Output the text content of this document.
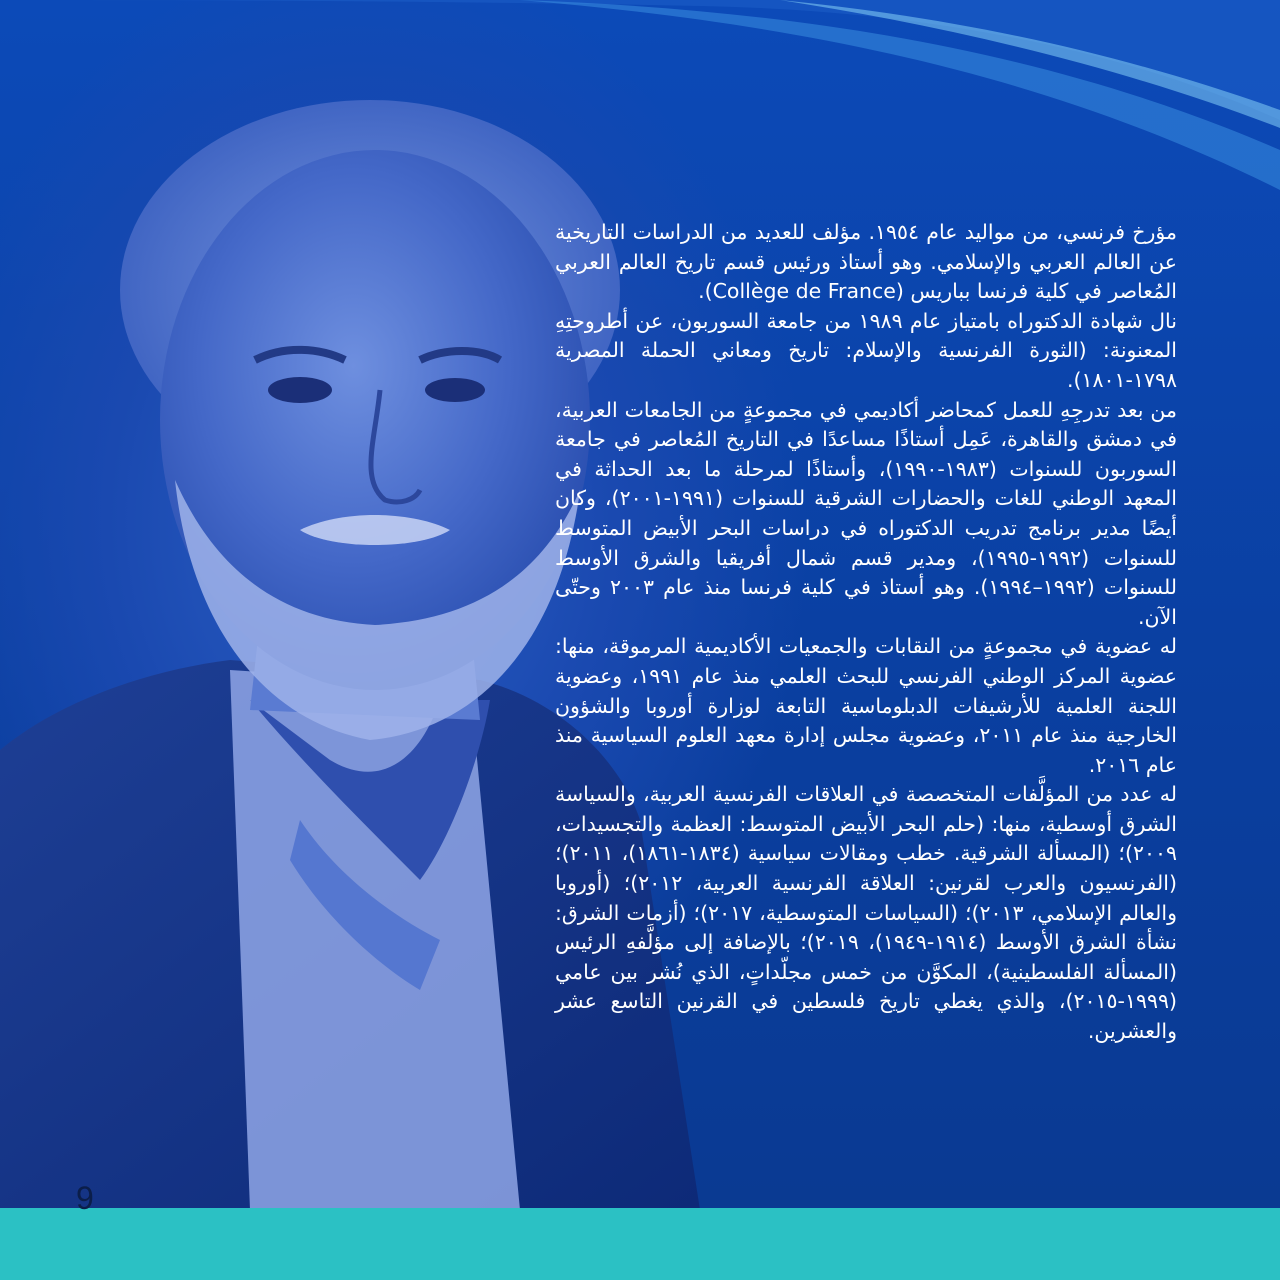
مؤرخ فرنسي، من مواليد عام ١٩٥٤. مؤلف للعديد من الدراسات التاريخية عن العالم العربي والإسلامي. وهو أستاذ ورئيس قسم تاريخ العالم العربي المُعاصر في كلية فرنسا بباريس (Collège de France).

نال شهادة الدكتوراه بامتياز عام ١٩٨٩ من جامعة السوربون، عن أطروحتِهِ المعنونة: (الثورة الفرنسية والإسلام: تاريخ ومعاني الحملة المصرية ١٧٩٨-١٨٠١).

من بعد تدرجِهِ للعمل كمحاضر أكاديمي في مجموعةٍ من الجامعات العربية، في دمشق والقاهرة، عَمِل أستاذًا مساعدًا في التاريخ المُعاصر في جامعة السوربون للسنوات (١٩٨٣-١٩٩٠)، وأستاذًا لمرحلة ما بعد الحداثة في المعهد الوطني للغات والحضارات الشرقية للسنوات (١٩٩١-٢٠٠١)، وكان أيضًا مدير برنامج تدريب الدكتوراه في دراسات البحر الأبيض المتوسط للسنوات (١٩٩٢-١٩٩٥)، ومدير قسم شمال أفريقيا والشرق الأوسط للسنوات (١٩٩٢–١٩٩٤). وهو أستاذ في كلية فرنسا منذ عام ٢٠٠٣ وحتّى الآن.

له عضوية في مجموعةٍ من النقابات والجمعيات الأكاديمية المرموقة، منها: عضوية المركز الوطني الفرنسي للبحث العلمي منذ عام ١٩٩١، وعضوية اللجنة العلمية للأرشيفات الدبلوماسية التابعة لوزارة أوروبا والشؤون الخارجية منذ عام ٢٠١١، وعضوية مجلس إدارة معهد العلوم السياسية منذ عام ٢٠١٦.

له عدد من المؤلَّفات المتخصصة في العلاقات الفرنسية العربية، والسياسة الشرق أوسطية، منها: (حلم البحر الأبيض المتوسط: العظمة والتجسيدات، ٢٠٠٩)؛ (المسألة الشرقية. خطب ومقالات سياسية (١٨٣٤-١٨٦١)، ٢٠١١)؛ (الفرنسيون والعرب لقرنين: العلاقة الفرنسية العربية، ٢٠١٢)؛ (أوروبا والعالم الإسلامي، ٢٠١٣)؛ (السياسات المتوسطية، ٢٠١٧)؛ (أزمات الشرق: نشأة الشرق الأوسط (١٩١٤-١٩٤٩)، ٢٠١٩)؛ بالإضافة إلى مؤلَّفهِ الرئيس (المسألة الفلسطينية)، المكوَّن من خمس مجلّداتٍ، الذي نُشر بين عامي (١٩٩٩-٢٠١٥)، والذي يغطي تاريخ فلسطين في القرنين التاسع عشر والعشرين.

9
